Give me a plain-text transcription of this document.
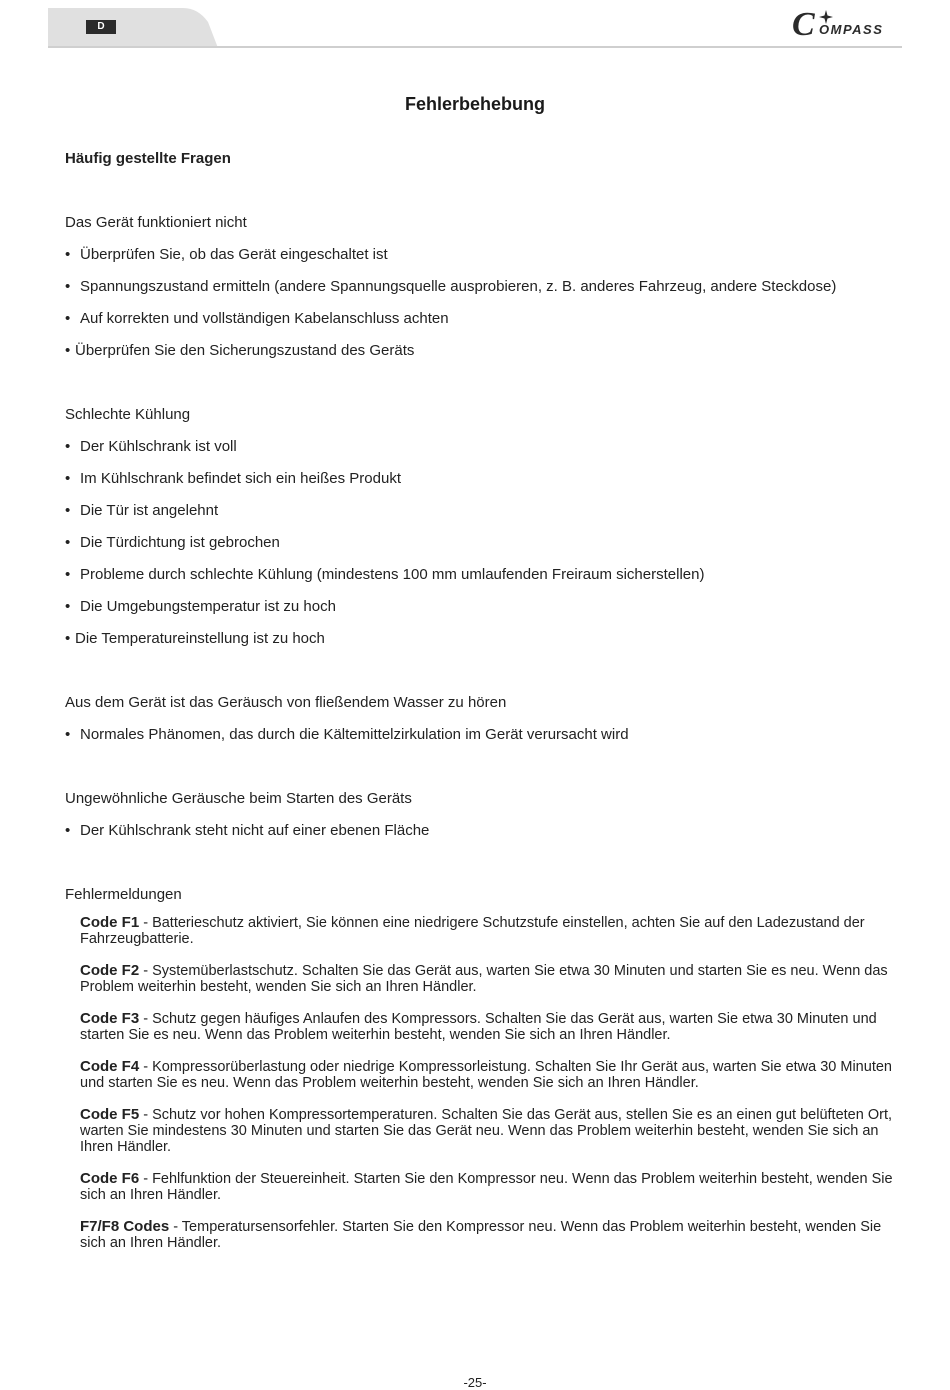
D	C OMPASS
Fehlerbehebung
Häufig gestellte Fragen
Das Gerät funktioniert nicht
• Überprüfen Sie, ob das Gerät eingeschaltet ist
• Spannungszustand ermitteln (andere Spannungsquelle ausprobieren, z. B. anderes Fahrzeug, andere Steckdose)
• Auf korrekten und vollständigen Kabelanschluss achten
• Überprüfen Sie den Sicherungszustand des Geräts
Schlechte Kühlung
• Der Kühlschrank ist voll
• Im Kühlschrank befindet sich ein heißes Produkt
• Die Tür ist angelehnt
• Die Türdichtung ist gebrochen
• Probleme durch schlechte Kühlung (mindestens 100 mm umlaufenden Freiraum sicherstellen)
• Die Umgebungstemperatur ist zu hoch
• Die Temperatureinstellung ist zu hoch
Aus dem Gerät ist das Geräusch von fließendem Wasser zu hören
• Normales Phänomen, das durch die Kältemittelzirkulation im Gerät verursacht wird
Ungewöhnliche Geräusche beim Starten des Geräts
• Der Kühlschrank steht nicht auf einer ebenen Fläche
Fehlermeldungen
Code F1 - Batterieschutz aktiviert, Sie können eine niedrigere Schutzstufe einstellen, achten Sie auf den Ladezustand der Fahrzeugbatterie.
Code F2 - Systemüberlastschutz. Schalten Sie das Gerät aus, warten Sie etwa 30 Minuten und starten Sie es neu. Wenn das Problem weiterhin besteht, wenden Sie sich an Ihren Händler.
Code F3 - Schutz gegen häufiges Anlaufen des Kompressors. Schalten Sie das Gerät aus, warten Sie etwa 30 Minuten und starten Sie es neu. Wenn das Problem weiterhin besteht, wenden Sie sich an Ihren Händler.
Code F4 - Kompressorüberlastung oder niedrige Kompressorleistung. Schalten Sie Ihr Gerät aus, warten Sie etwa 30 Minuten und starten Sie es neu. Wenn das Problem weiterhin besteht, wenden Sie sich an Ihren Händler.
Code F5 - Schutz vor hohen Kompressortemperaturen. Schalten Sie das Gerät aus, stellen Sie es an einen gut belüfteten Ort, warten Sie mindestens 30 Minuten und starten Sie das Gerät neu. Wenn das Problem weiterhin besteht, wenden Sie sich an Ihren Händler.
Code F6 - Fehlfunktion der Steuereinheit. Starten Sie den Kompressor neu. Wenn das Problem weiterhin besteht, wenden Sie sich an Ihren Händler.
F7/F8 Codes - Temperatursensorfehler. Starten Sie den Kompressor neu. Wenn das Problem weiterhin besteht, wenden Sie sich an Ihren Händler.
-25-
